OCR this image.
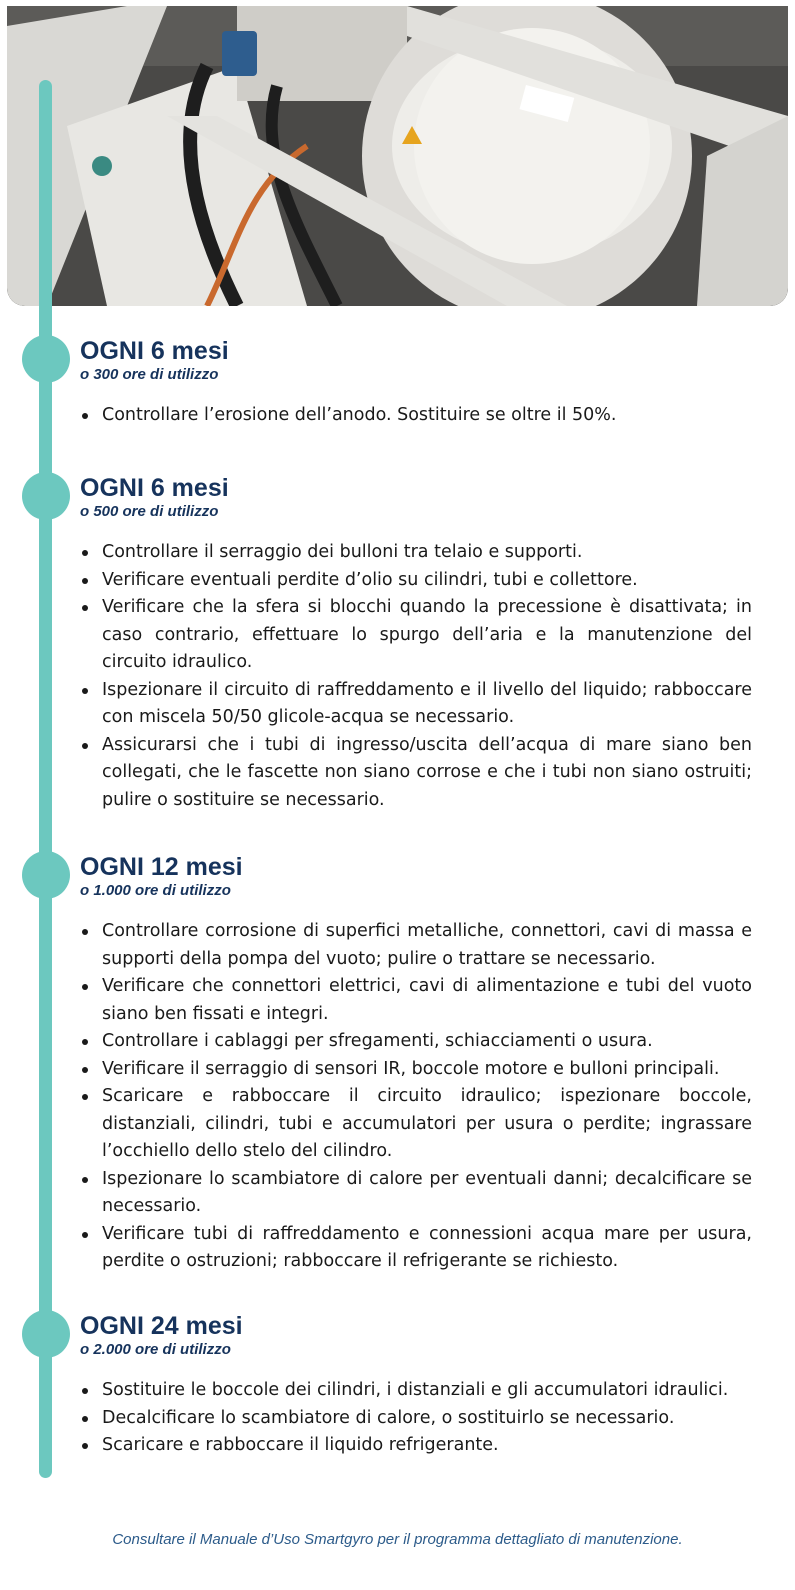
OGNI 6 mesi

o 300 ore di utilizzo

Controllare l’erosione dell’anodo. Sostituire se oltre il 50%.
OGNI 6 mesi

o 500 ore di utilizzo

Controllare il serraggio dei bulloni tra telaio e supporti.
Verificare eventuali perdite d’olio su cilindri, tubi e collettore.
Verificare che la sfera si blocchi quando la precessione è disattivata; in caso contrario, effettuare lo spurgo dell’aria e la manutenzione del circuito idraulico.
Ispezionare il circuito di raffreddamento e il livello del liquido; rabboccare con miscela 50/50 glicole-acqua se necessario.
Assicurarsi che i tubi di ingresso/uscita dell’acqua di mare siano ben collegati, che le fascette non siano corrose e che i tubi non siano ostruiti; pulire o sostituire se necessario.
OGNI 12 mesi

o 1.000 ore di utilizzo

Controllare corrosione di superfici metalliche, connettori, cavi di massa e supporti della pompa del vuoto; pulire o trattare se necessario.
Verificare che connettori elettrici, cavi di alimentazione e tubi del vuoto siano ben fissati e integri.
Controllare i cablaggi per sfregamenti, schiacciamenti o usura.
Verificare il serraggio di sensori IR, boccole motore e bulloni principali.
Scaricare e rabboccare il circuito idraulico; ispezionare boccole, distanziali, cilindri, tubi e accumulatori per usura o perdite; ingrassare l’occhiello dello stelo del cilindro.
Ispezionare lo scambiatore di calore per eventuali danni; decalcificare se necessario.
Verificare tubi di raffreddamento e connessioni acqua mare per usura, perdite o ostruzioni; rabboccare il refrigerante se richiesto.
OGNI 24 mesi

o 2.000 ore di utilizzo

Sostituire le boccole dei cilindri, i distanziali e gli accumulatori idraulici.
Decalcificare lo scambiatore di calore, o sostituirlo se necessario.
Scaricare e rabboccare il liquido refrigerante.
Consultare il Manuale d’Uso Smartgyro per il programma dettagliato di manutenzione.
